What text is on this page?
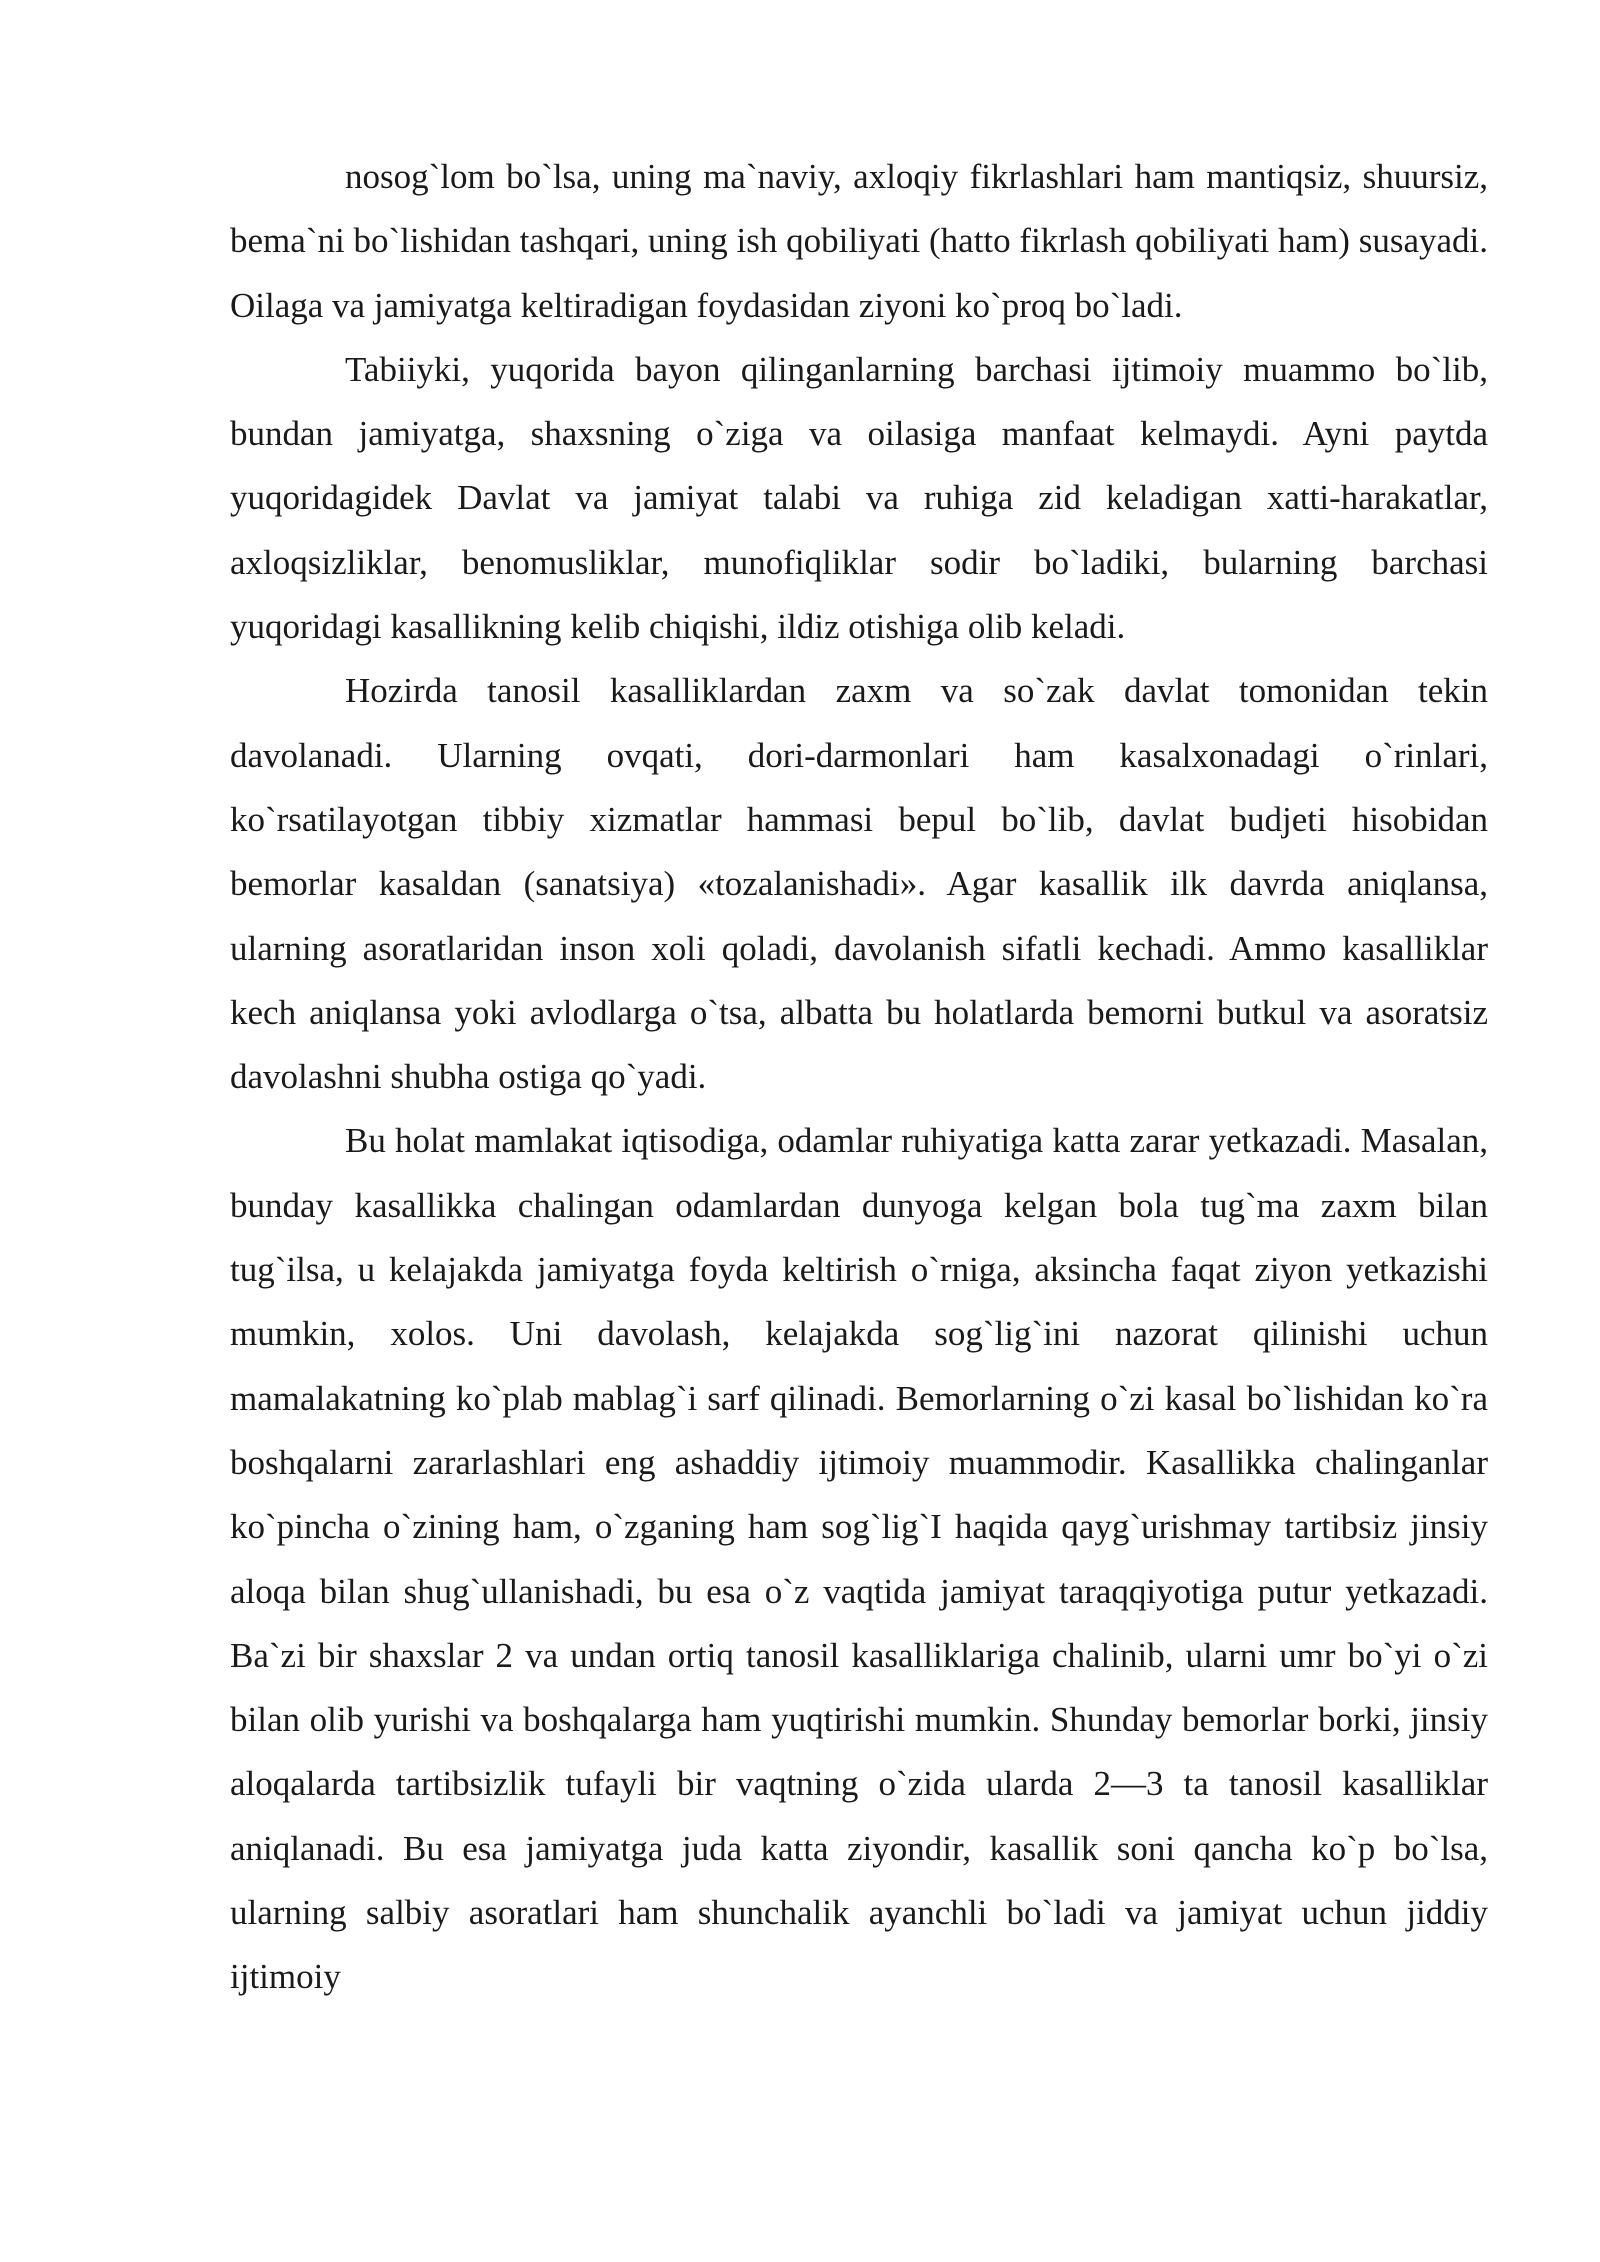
nosog`lom bo`lsa, uning ma`naviy, axloqiy fikrlashlari ham mantiqsiz, shuursiz, bema`ni bo`lishidan tashqari, uning ish qobiliyati (hatto fikrlash qobiliyati ham) susayadi. Oilaga va jamiyatga keltiradigan foydasidan ziyoni ko`proq bo`ladi.

Tabiiyki, yuqorida bayon qilinganlarning barchasi ijtimoiy muammo bo`lib, bundan jamiyatga, shaxsning o`ziga va oilasiga manfaat kelmaydi. Ayni paytda yuqoridagidek Davlat va jamiyat talabi va ruhiga zid keladigan xatti-harakatlar, axloqsizliklar, benomusliklar, munofiqliklar sodir bo`ladiki, bularning barchasi yuqoridagi kasallikning kelib chiqishi, ildiz otishiga olib keladi.

Hozirda tanosil kasalliklardan zaxm va so`zak davlat tomonidan tekin davolanadi. Ularning ovqati, dori-darmonlari ham kasalxonadagi o`rinlari, ko`rsatilayotgan tibbiy xizmatlar hammasi bepul bo`lib, davlat budjeti hisobidan bemorlar kasaldan (sanatsiya) «tozalanishadi». Agar kasallik ilk davrda aniqlansa, ularning asoratlaridan inson xoli qoladi, davolanish sifatli kechadi. Ammo kasalliklar kech aniqlansa yoki avlodlarga o`tsa, albatta bu holatlarda bemorni butkul va asoratsiz davolashni shubha ostiga qo`yadi.

Bu holat mamlakat iqtisodiga, odamlar ruhiyatiga katta zarar yetkazadi. Masalan, bunday kasallikka chalingan odamlardan dunyoga kelgan bola tug`ma zaxm bilan tug`ilsa, u kelajakda jamiyatga foyda keltirish o`rniga, aksincha faqat ziyon yetkazishi mumkin, xolos. Uni davolash, kelajakda sog`lig`ini nazorat qilinishi uchun mamalakatning ko`plab mablag`i sarf qilinadi. Bemorlarning o`zi kasal bo`lishidan ko`ra boshqalarni zararlashlari eng ashaddiy ijtimoiy muammodir. Kasallikka chalinganlar ko`pincha o`zining ham, o`zganing ham sog`lig`I haqida qayg`urishmay tartibsiz jinsiy aloqa bilan shug`ullanishadi, bu esa o`z vaqtida jamiyat taraqqiyotiga putur yetkazadi. Ba`zi bir shaxslar 2 va undan ortiq tanosil kasalliklariga chalinib, ularni umr bo`yi o`zi bilan olib yurishi va boshqalarga ham yuqtirishi mumkin. Shunday bemorlar borki, jinsiy aloqalarda tartibsizlik tufayli bir vaqtning o`zida ularda 2—3 ta tanosil kasalliklar aniqlanadi. Bu esa jamiyatga juda katta ziyondir, kasallik soni qancha ko`p bo`lsa, ularning salbiy asoratlari ham shunchalik ayanchli bo`ladi va jamiyat uchun jiddiy ijtimoiy
